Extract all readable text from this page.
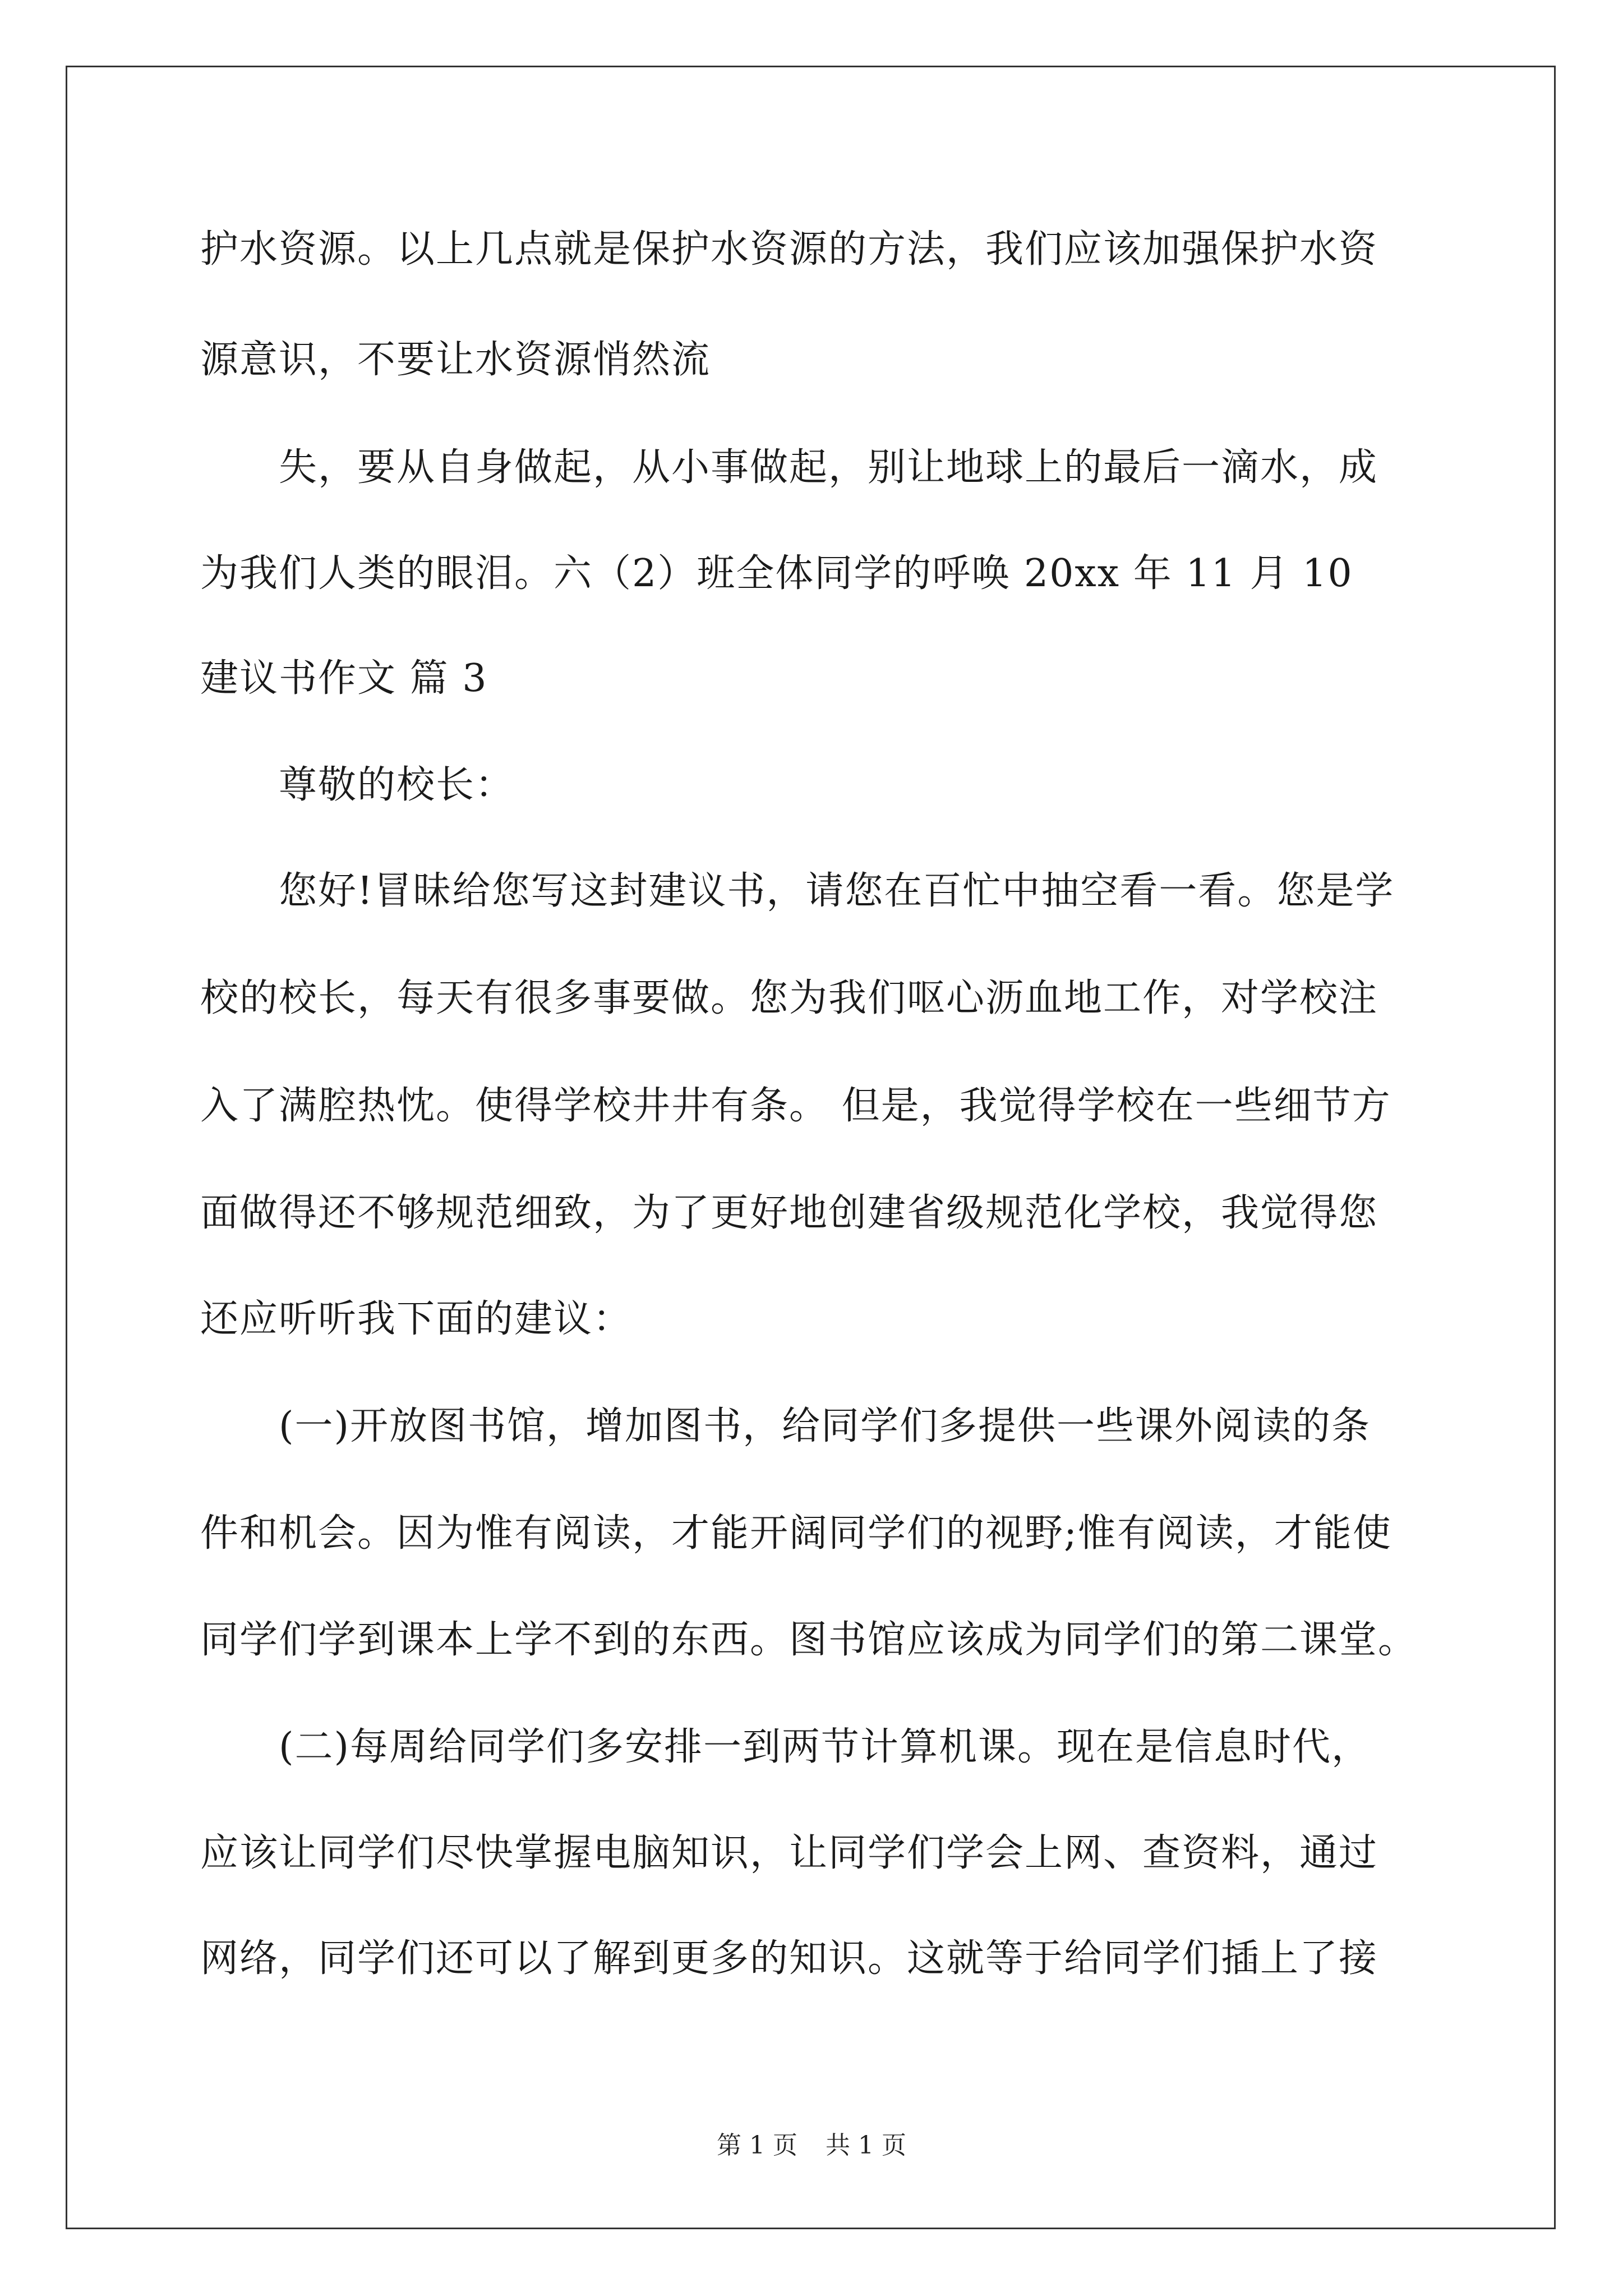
护水资源。以上几点就是保护水资源的方法，我们应该加强保护水资
源意识，不要让水资源悄然流
　　失，要从自身做起，从小事做起，别让地球上的最后一滴水，成
为我们人类的眼泪。六（2）班全体同学的呼唤 20xx 年 11 月 10
建议书作文 篇 3
　　尊敬的校长：
　　您好!冒昧给您写这封建议书，请您在百忙中抽空看一看。您是学
校的校长，每天有很多事要做。您为我们呕心沥血地工作，对学校注
入了满腔热忱。使得学校井井有条。 但是，我觉得学校在一些细节方
面做得还不够规范细致，为了更好地创建省级规范化学校，我觉得您
还应听听我下面的建议：
　　(一)开放图书馆，增加图书，给同学们多提供一些课外阅读的条
件和机会。因为惟有阅读，才能开阔同学们的视野;惟有阅读，才能使
同学们学到课本上学不到的东西。图书馆应该成为同学们的第二课堂。
　　(二)每周给同学们多安排一到两节计算机课。现在是信息时代，
应该让同学们尽快掌握电脑知识，让同学们学会上网、查资料，通过
网络，同学们还可以了解到更多的知识。这就等于给同学们插上了接
第 1 页 共 1 页
